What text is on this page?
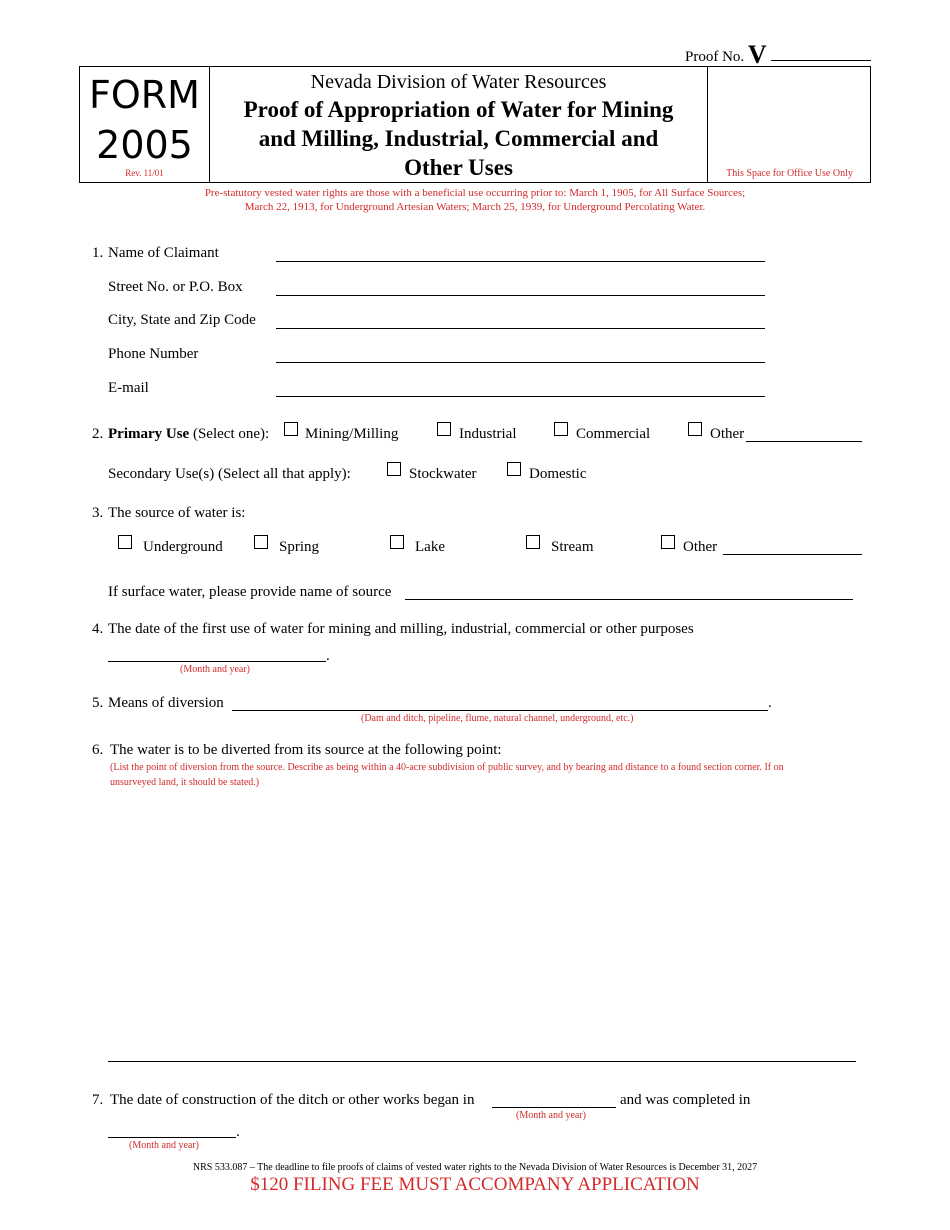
Proof No. V
FORM
2005
Rev. 11/01
Nevada Division of Water Resources
Proof of Appropriation of Water for Mining
and Milling, Industrial, Commercial and
Other Uses	This Space for Office Use Only
Pre-statutory vested water rights are those with a beneficial use occurring prior to: March 1, 1905, for All Surface Sources;
March 22, 1913, for Underground Artesian Waters; March 25, 1939, for Underground Percolating Water.
1. Name of Claimant
Street No. or P.O. Box
City, State and Zip Code
Phone Number
E-mail
2. Primary Use (Select one): Mining/Milling	Industrial	Commercial	Other
Secondary Use(s) (Select all that apply):	Stockwater	Domestic
3. The source of water is:
Underground	Spring	Lake	Stream	Other
If surface water, please provide name of source
4. The date of the first use of water for mining and milling, industrial, commercial or other purposes
.
(Month and year)
5. Means of diversion	.
(Dam and ditch, pipeline, flume, natural channel, underground, etc.)
6. The water is to be diverted from its source at the following point:
(List the point of diversion from the source. Describe as being within a 40-acre subdivision of public survey, and by bearing and distance to a found section corner. If on
unsurveyed land, it should be stated.)
7. The date of construction of the ditch or other works began in
(Month and year)
and was completed in
.
(Month and year)
NRS 533.087 – The deadline to file proofs of claims of vested water rights to the Nevada Division of Water Resources is December 31, 2027
$120 FILING FEE MUST ACCOMPANY APPLICATION
